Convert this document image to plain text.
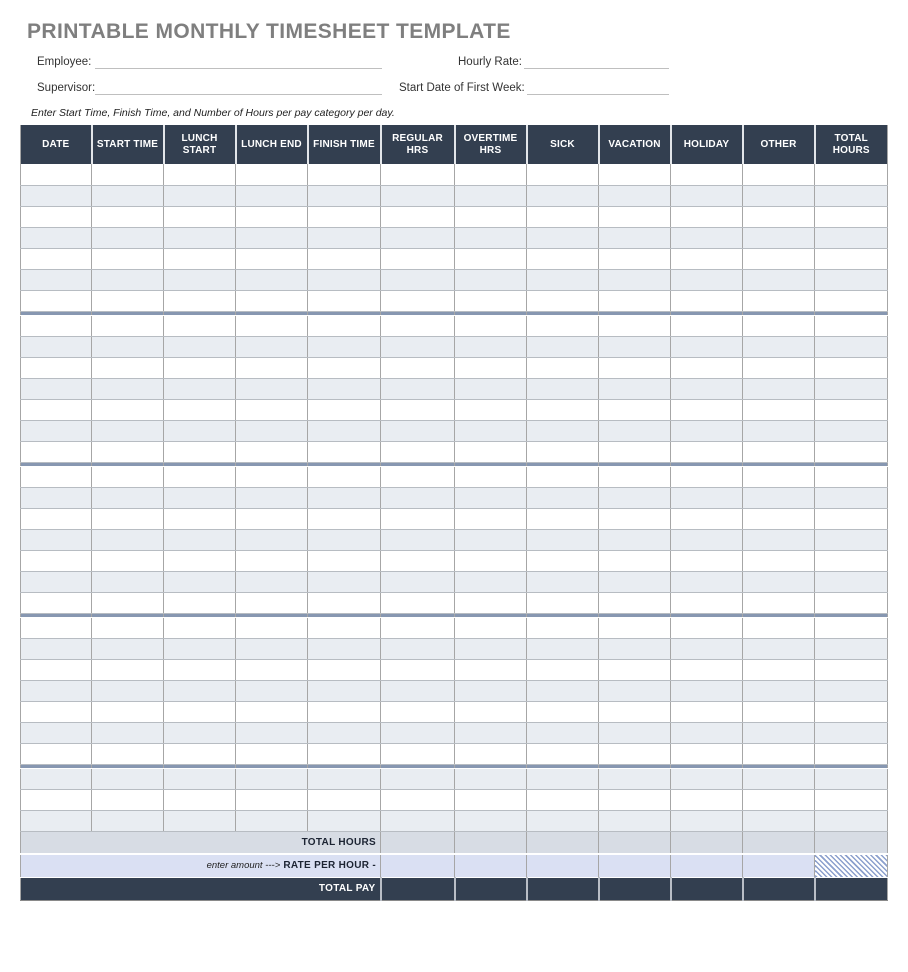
PRINTABLE MONTHLY TIMESHEET TEMPLATE
Employee:	Hourly Rate:
Supervisor:	Start Date of First Week:
Enter Start Time, Finish Time, and Number of Hours per pay category per day.
DATE	START TIME	LUNCH START	LUNCH END	FINISH TIME	REGULAR HRS	OVERTIME HRS	SICK	VACATION	HOLIDAY	OTHER	TOTAL HOURS

TOTAL HOURS											
enter amount ---> RATE PER HOUR -											
TOTAL PAY											
